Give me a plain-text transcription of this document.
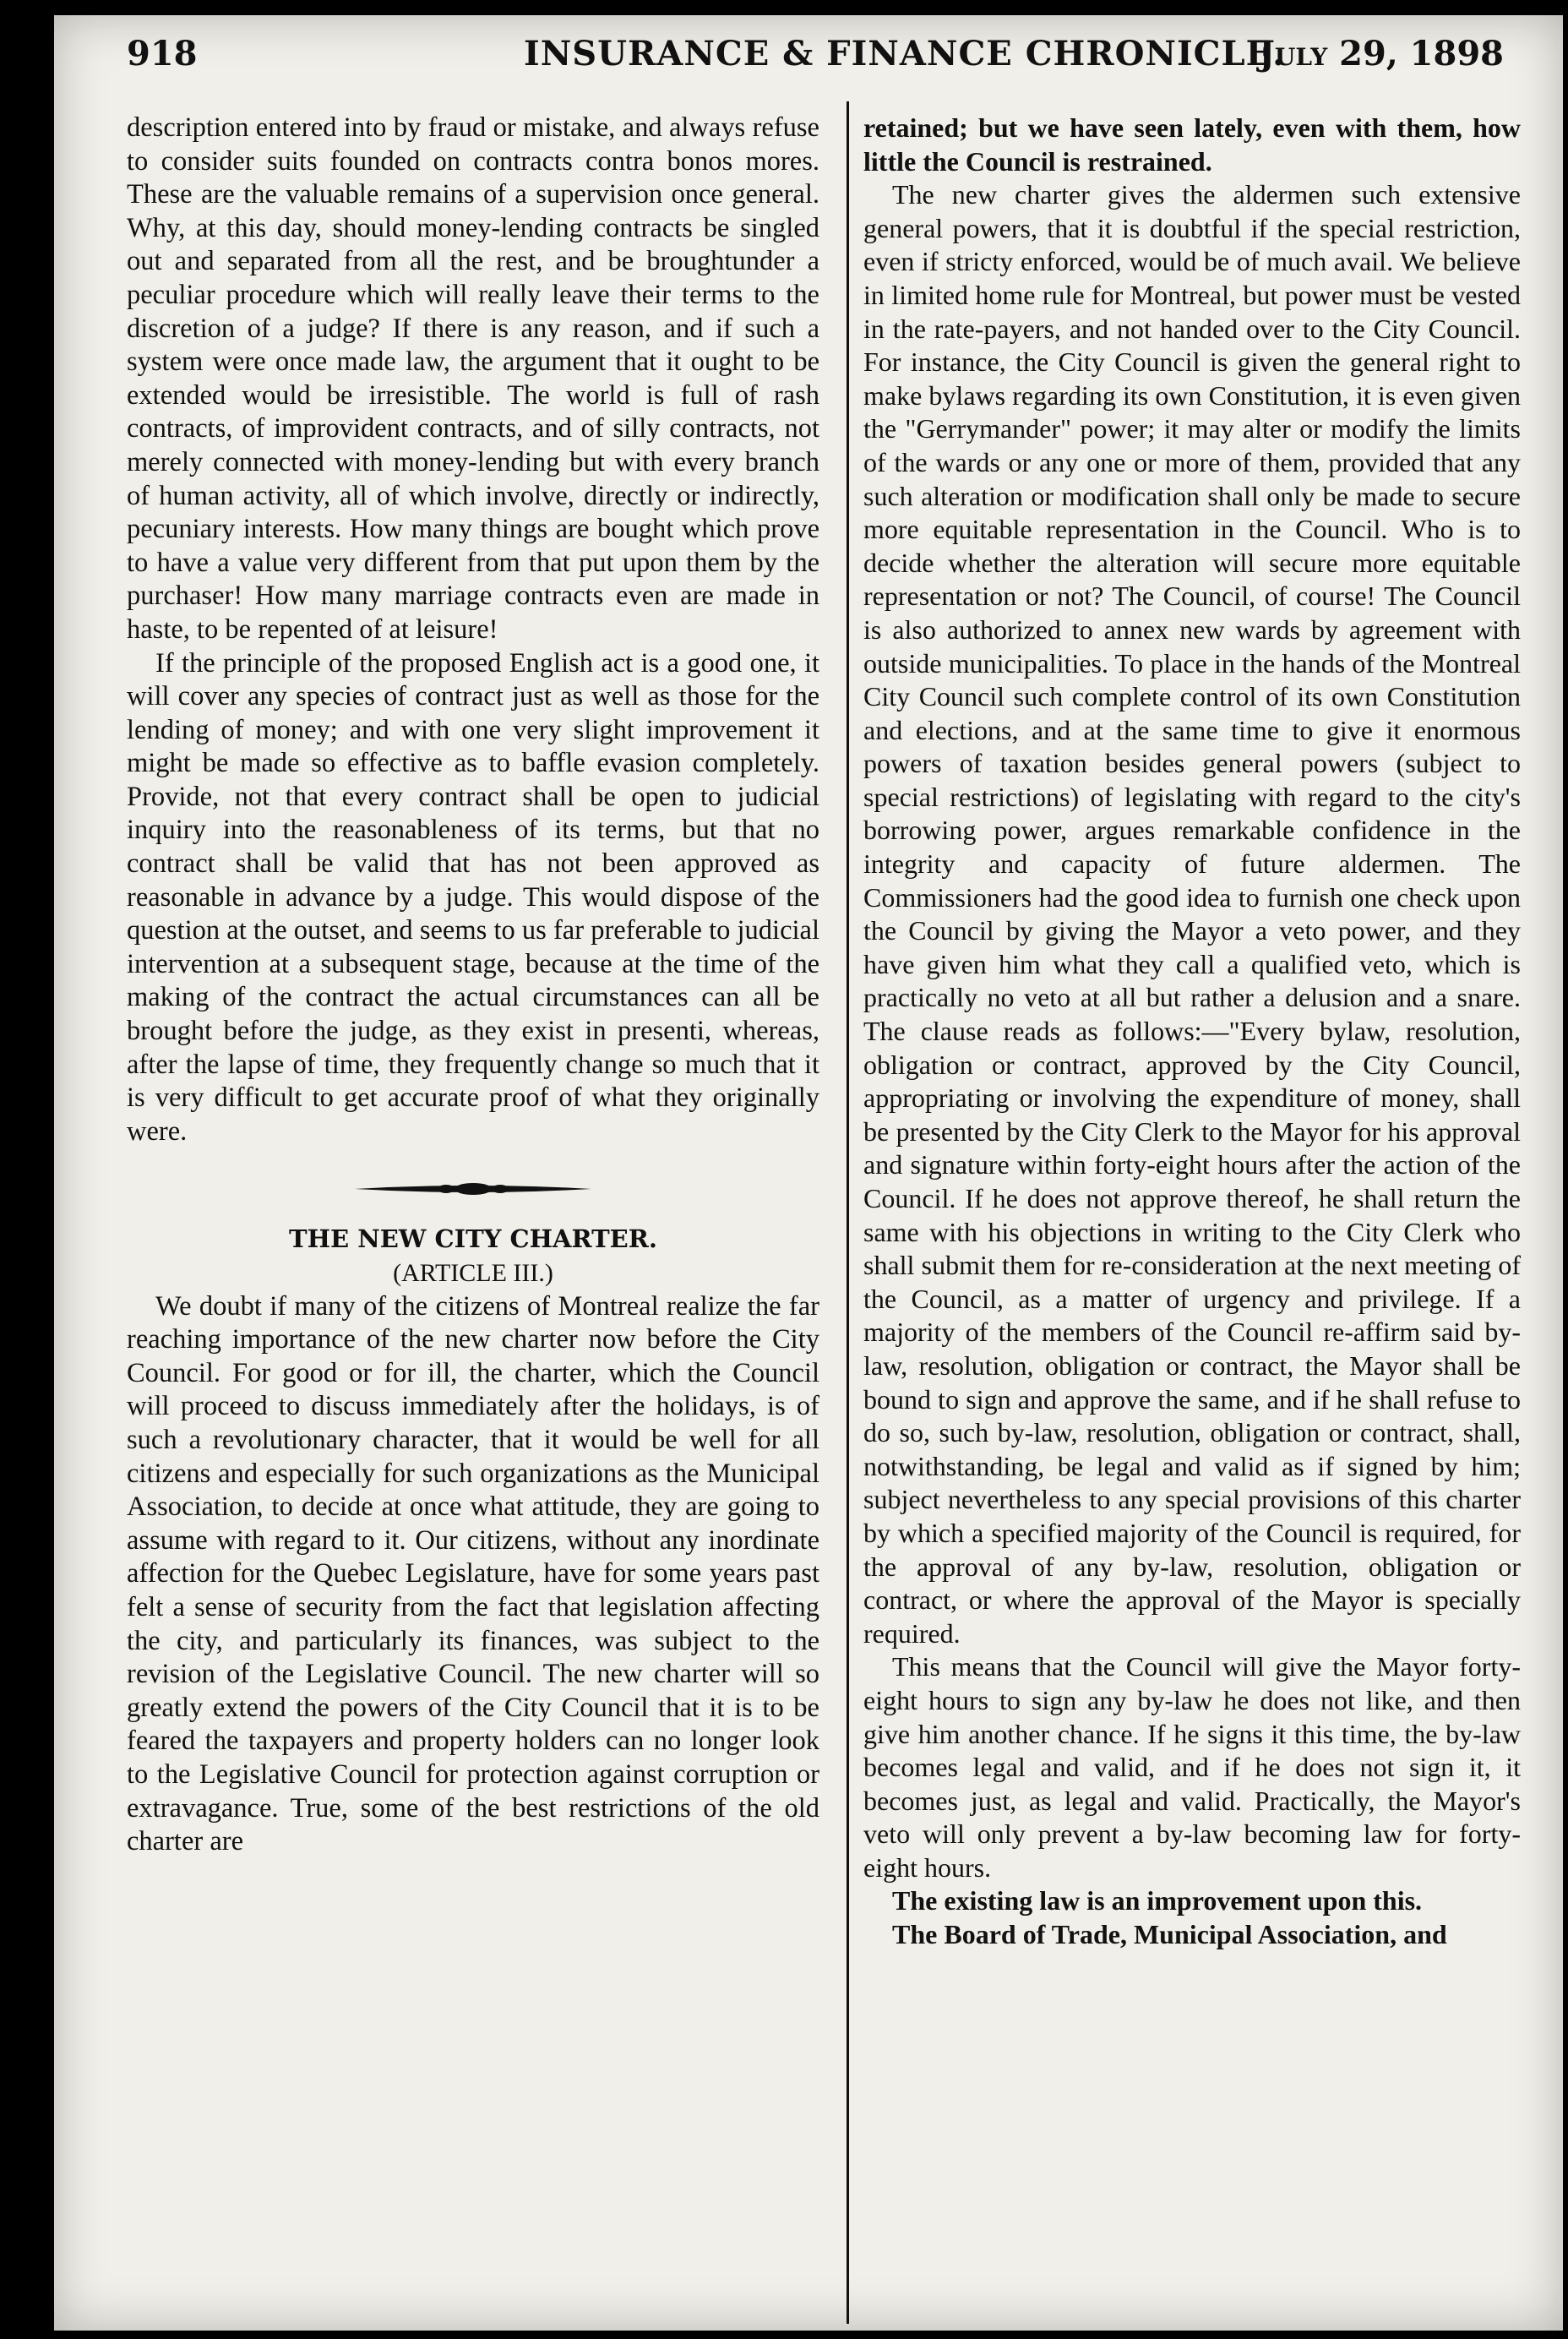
918	INSURANCE & FINANCE CHRONICLE.
July 29, 1898

description entered into by fraud or mistake, and always refuse to consider suits founded on contracts contra bonos mores. These are the valuable remains of a supervision once general. Why, at this day, should money-lending contracts be singled out and separated from all the rest, and be broughtunder a peculiar procedure which will really leave their terms to the discretion of a judge? If there is any reason, and if such a system were once made law, the argument that it ought to be extended would be irresistible. The world is full of rash contracts, of improvident contracts, and of silly contracts, not merely connected with money-lending but with every branch of human activity, all of which involve, directly or indirectly, pecuniary interests. How many things are bought which prove to have a value very different from that put upon them by the purchaser! How many marriage contracts even are made in haste, to be repented of at leisure!

If the principle of the proposed English act is a good one, it will cover any species of contract just as well as those for the lending of money; and with one very slight improvement it might be made so effective as to baffle evasion completely. Provide, not that every contract shall be open to judicial inquiry into the reasonableness of its terms, but that no contract shall be valid that has not been approved as reasonable in advance by a judge. This would dispose of the question at the outset, and seems to us far preferable to judicial intervention at a subsequent stage, because at the time of the making of the contract the actual circumstances can all be brought before the judge, as they exist in presenti, whereas, after the lapse of time, they frequently change so much that it is very difficult to get accurate proof of what they originally were.

THE NEW CITY CHARTER.

(ARTICLE III.)

We doubt if many of the citizens of Montreal realize the far reaching importance of the new charter now before the City Council. For good or for ill, the charter, which the Council will proceed to discuss immediately after the holidays, is of such a revolutionary character, that it would be well for all citizens and especially for such organizations as the Municipal Association, to decide at once what attitude, they are going to assume with regard to it. Our citizens, without any inordinate affection for the Quebec Legislature, have for some years past felt a sense of security from the fact that legislation affecting the city, and particularly its finances, was subject to the revision of the Legislative Council. The new charter will so greatly extend the powers of the City Council that it is to be feared the taxpayers and property holders can no longer look to the Legislative Council for protection against corruption or extravagance. True, some of the best restrictions of the old charter are

retained; but we have seen lately, even with them, how little the Council is restrained.

The new charter gives the aldermen such extensive general powers, that it is doubtful if the special restriction, even if stricty enforced, would be of much avail. We believe in limited home rule for Montreal, but power must be vested in the rate-payers, and not handed over to the City Council. For instance, the City Council is given the general right to make bylaws regarding its own Constitution, it is even given the "Gerrymander" power; it may alter or modify the limits of the wards or any one or more of them, provided that any such alteration or modification shall only be made to secure more equitable representation in the Council. Who is to decide whether the alteration will secure more equitable representation or not? The Council, of course! The Council is also authorized to annex new wards by agreement with outside municipalities. To place in the hands of the Montreal City Council such complete control of its own Constitution and elections, and at the same time to give it enormous powers of taxation besides general powers (subject to special restrictions) of legislating with regard to the city's borrowing power, argues remarkable confidence in the integrity and capacity of future aldermen. The Commissioners had the good idea to furnish one check upon the Council by giving the Mayor a veto power, and they have given him what they call a qualified veto, which is practically no veto at all but rather a delusion and a snare. The clause reads as follows:—"Every bylaw, resolution, obligation or contract, approved by the City Council, appropriating or involving the expenditure of money, shall be presented by the City Clerk to the Mayor for his approval and signature within forty-eight hours after the action of the Council. If he does not approve thereof, he shall return the same with his objections in writing to the City Clerk who shall submit them for re-consideration at the next meeting of the Council, as a matter of urgency and privilege. If a majority of the members of the Council re-affirm said by-law, resolution, obligation or contract, the Mayor shall be bound to sign and approve the same, and if he shall refuse to do so, such by-law, resolution, obligation or contract, shall, notwithstanding, be legal and valid as if signed by him; subject nevertheless to any special provisions of this charter by which a specified majority of the Council is required, for the approval of any by-law, resolution, obligation or contract, or where the approval of the Mayor is specially required.

This means that the Council will give the Mayor forty-eight hours to sign any by-law he does not like, and then give him another chance. If he signs it this time, the by-law becomes legal and valid, and if he does not sign it, it becomes just, as legal and valid. Practically, the Mayor's veto will only prevent a by-law becoming law for forty-eight hours.

The existing law is an improvement upon this.

The Board of Trade, Municipal Association, and
